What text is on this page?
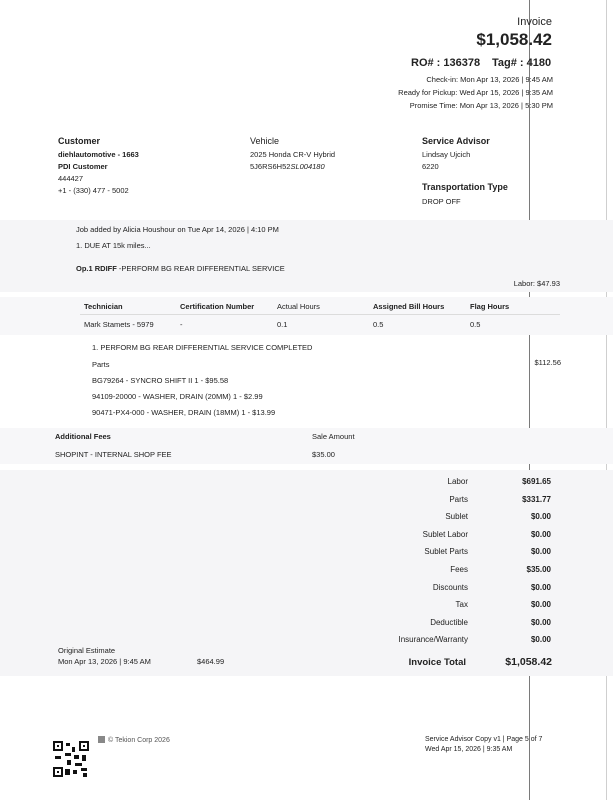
Invoice
$1,058.42
RO# : 136378 Tag# : 4180
Check-in: Mon Apr 13, 2026 | 9:45 AM
Ready for Pickup: Wed Apr 15, 2026 | 9:35 AM
Promise Time: Mon Apr 13, 2026 | 5:30 PM
Customer
diehlautomotive - 1663
PDI Customer
444427
+1 - (330) 477 - 5002
Vehicle
2025 Honda CR-V Hybrid
5J6RS6H52SL004180
Service Advisor
Lindsay Ujcich
6220
Transportation Type
DROP OFF
Job added by Alicia Houshour on Tue Apr 14, 2026 | 4:10 PM
1. DUE AT 15k miles...
Op.1 RDIFF -PERFORM BG REAR DIFFERENTIAL SERVICE
Labor: $47.93
Technician	Certification Number	Actual Hours	Assigned Bill Hours	Flag Hours
Mark Stamets - 5979	-	0.1	0.5	0.5
1. PERFORM BG REAR DIFFERENTIAL SERVICE COMPLETED
Parts	$112.56
BG79264 - SYNCRO SHIFT II 1 - $95.58
94109-20000 - WASHER, DRAIN (20MM) 1 - $2.99
90471-PX4-000 - WASHER, DRAIN (18MM) 1 - $13.99
Additional Fees	Sale Amount
SHOPINT - INTERNAL SHOP FEE	$35.00
Labor	$691.65
Parts	$331.77
Sublet	$0.00
Sublet Labor	$0.00
Sublet Parts	$0.00
Fees	$35.00
Discounts	$0.00
Tax	$0.00
Deductible	$0.00
Insurance/Warranty	$0.00
Invoice Total	$1,058.42
Original Estimate
Mon Apr 13, 2026 | 9:45 AM	$464.99
© Tekion Corp 2026	Service Advisor Copy v1 | Page 5 of 7
Wed Apr 15, 2026 | 9:35 AM
